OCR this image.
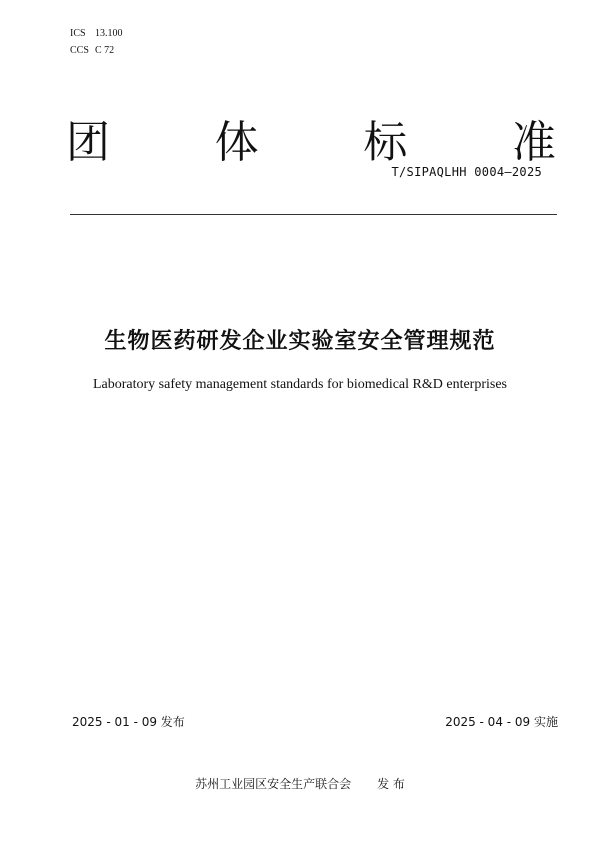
ICS 13.100
CCS C 72
团 体 标 准
T/SIPAQLHH 0004—2025
生物医药研发企业实验室安全管理规范
Laboratory safety management standards for biomedical R&D enterprises
2025 - 01 - 09 发布	2025 - 04 - 09 实施
苏州工业园区安全生产联合会 发 布
